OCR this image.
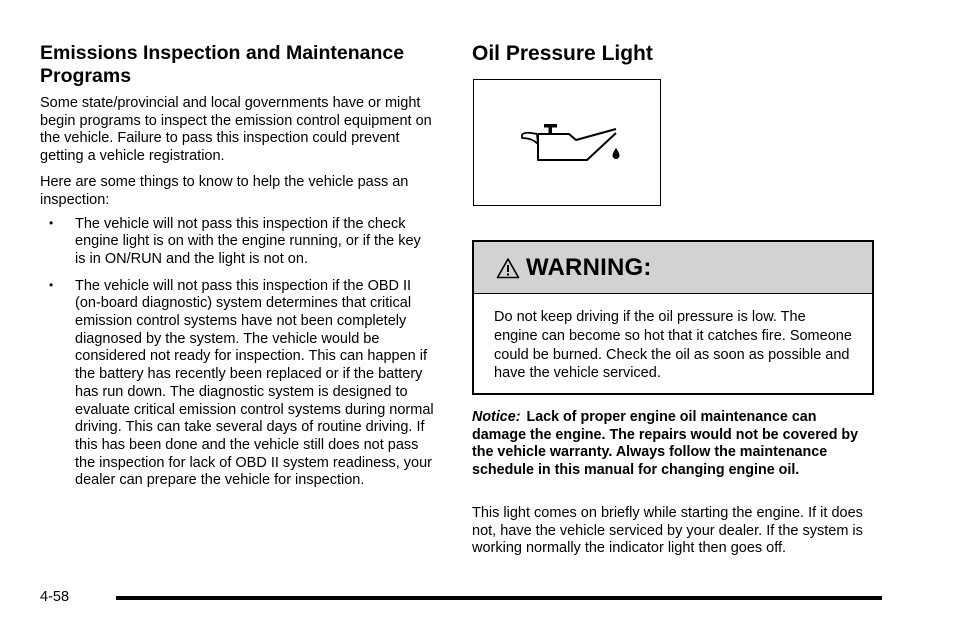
Emissions Inspection and Maintenance Programs

Some state/provincial and local governments have or might begin programs to inspect the emission control equipment on the vehicle. Failure to pass this inspection could prevent getting a vehicle registration.

Here are some things to know to help the vehicle pass an inspection:

• The vehicle will not pass this inspection if the check engine light is on with the engine running, or if the key is in ON/RUN and the light is not on.
• The vehicle will not pass this inspection if the OBD II (on-board diagnostic) system determines that critical emission control systems have not been completely diagnosed by the system. The vehicle would be considered not ready for inspection. This can happen if the battery has recently been replaced or if the battery has run down. The diagnostic system is designed to evaluate critical emission control systems during normal driving. This can take several days of routine driving. If this has been done and the vehicle still does not pass the inspection for lack of OBD II system readiness, your dealer can prepare the vehicle for inspection.
Oil Pressure Light
WARNING:
Do not keep driving if the oil pressure is low. The engine can become so hot that it catches fire. Someone could be burned. Check the oil as soon as possible and have the vehicle serviced.
Notice: Lack of proper engine oil maintenance can damage the engine. The repairs would not be covered by the vehicle warranty. Always follow the maintenance schedule in this manual for changing engine oil.

This light comes on briefly while starting the engine. If it does not, have the vehicle serviced by your dealer. If the system is working normally the indicator light then goes off.

4-58
